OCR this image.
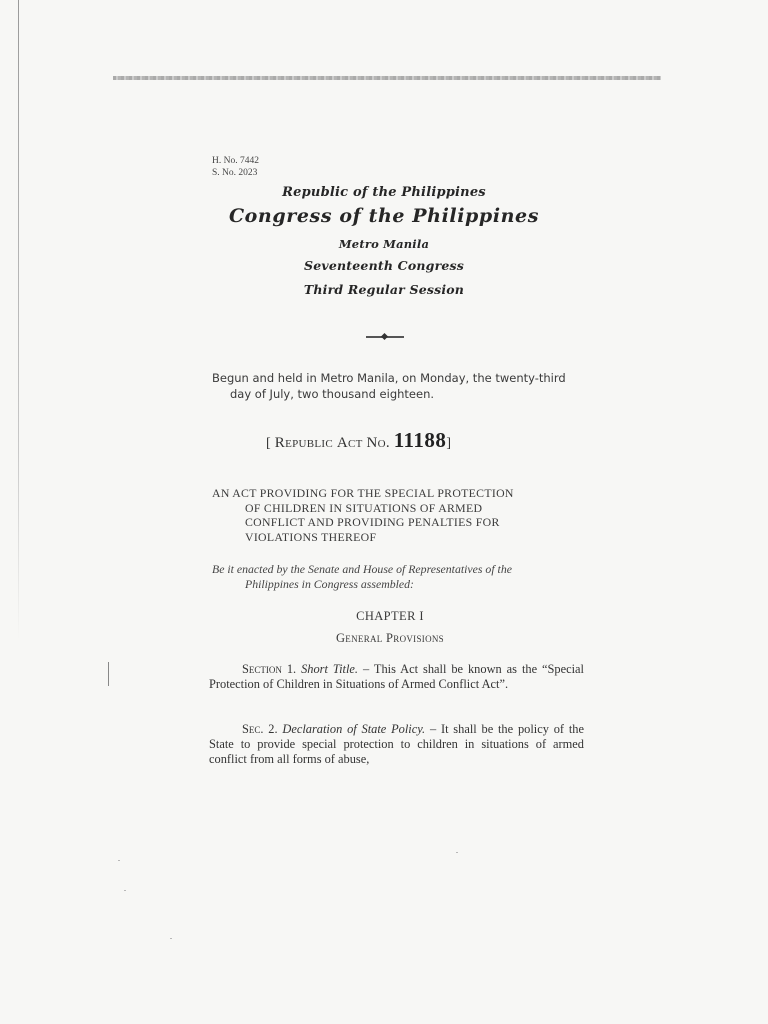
H. No. 7442
S. No. 2023
Republic of the Philippines
Congress of the Philippines
Metro Manila
Seventeenth Congress
Third Regular Session
Begun and held in Metro Manila, on Monday, the twenty-third
day of July, two thousand eighteen.
[ Republic Act No. 11188]
AN ACT PROVIDING FOR THE SPECIAL PROTECTION
OF CHILDREN IN SITUATIONS OF ARMED
CONFLICT AND PROVIDING PENALTIES FOR
VIOLATIONS THEREOF
Be it enacted by the Senate and House of Representatives of the
Philippines in Congress assembled:
CHAPTER I
General Provisions
Section 1. Short Title. – This Act shall be known as the “Special Protection of Children in Situations of Armed Conflict Act”.
Sec. 2. Declaration of State Policy. – It shall be the policy of the State to provide special protection to children in situations of armed conflict from all forms of abuse,
